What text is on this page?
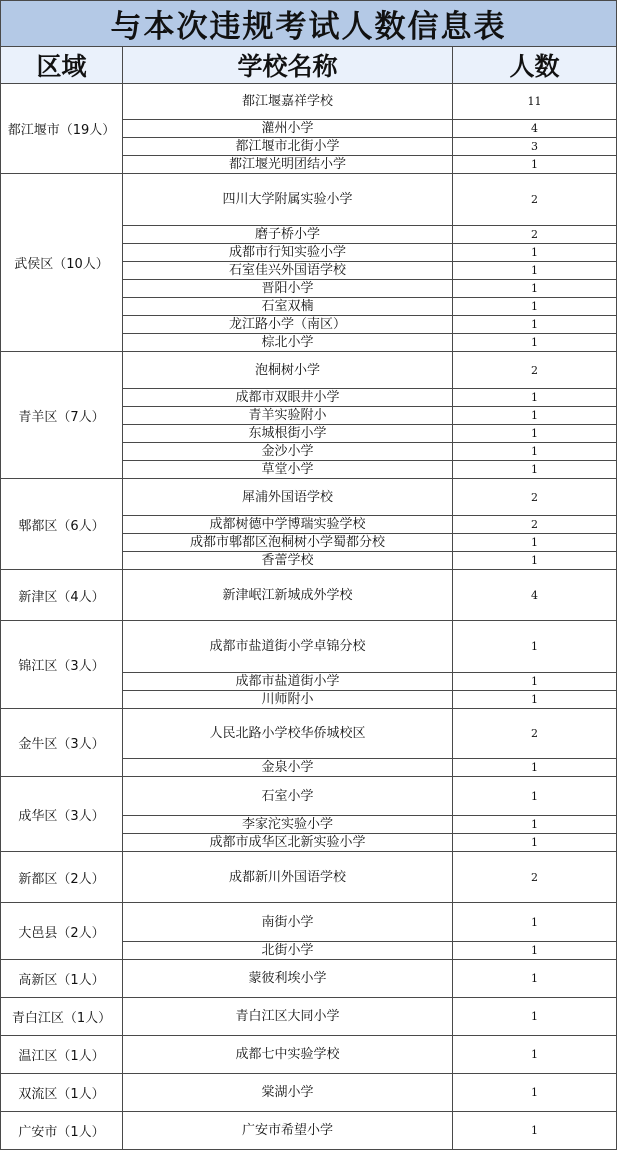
与本次违规考试人数信息表		
区域	学校名称	人数
都江堰市（19人）	都江堰嘉祥学校	11
	灌州小学	4
	都江堰市北街小学	3
	都江堰光明团结小学	1
武侯区（10人）	四川大学附属实验小学	2
	磨子桥小学	2
	成都市行知实验小学	1
	石室佳兴外国语学校	1
	晋阳小学	1
	石室双楠	1
	龙江路小学（南区）	1
	棕北小学	1
青羊区（7人）	泡桐树小学	2
	成都市双眼井小学	1
	青羊实验附小	1
	东城根街小学	1
	金沙小学	1
	草堂小学	1
郫都区（6人）	犀浦外国语学校	2
	成都树德中学博瑞实验学校	2
	成都市郫都区泡桐树小学蜀都分校	1
	香蕾学校	1
新津区（4人）	新津岷江新城成外学校	4
锦江区（3人）	成都市盐道街小学卓锦分校	1
	成都市盐道街小学	1
	川师附小	1
金牛区（3人）	人民北路小学校华侨城校区	2
	金泉小学	1
成华区（3人）	石室小学	1
	李家沱实验小学	1
	成都市成华区北新实验小学	1
新都区（2人）	成都新川外国语学校	2
大邑县（2人）	南街小学	1
	北街小学	1
高新区（1人）	蒙彼利埃小学	1
青白江区（1人）	青白江区大同小学	1
温江区（1人）	成都七中实验学校	1
双流区（1人）	棠湖小学	1
广安市（1人）	广安市希望小学	1
